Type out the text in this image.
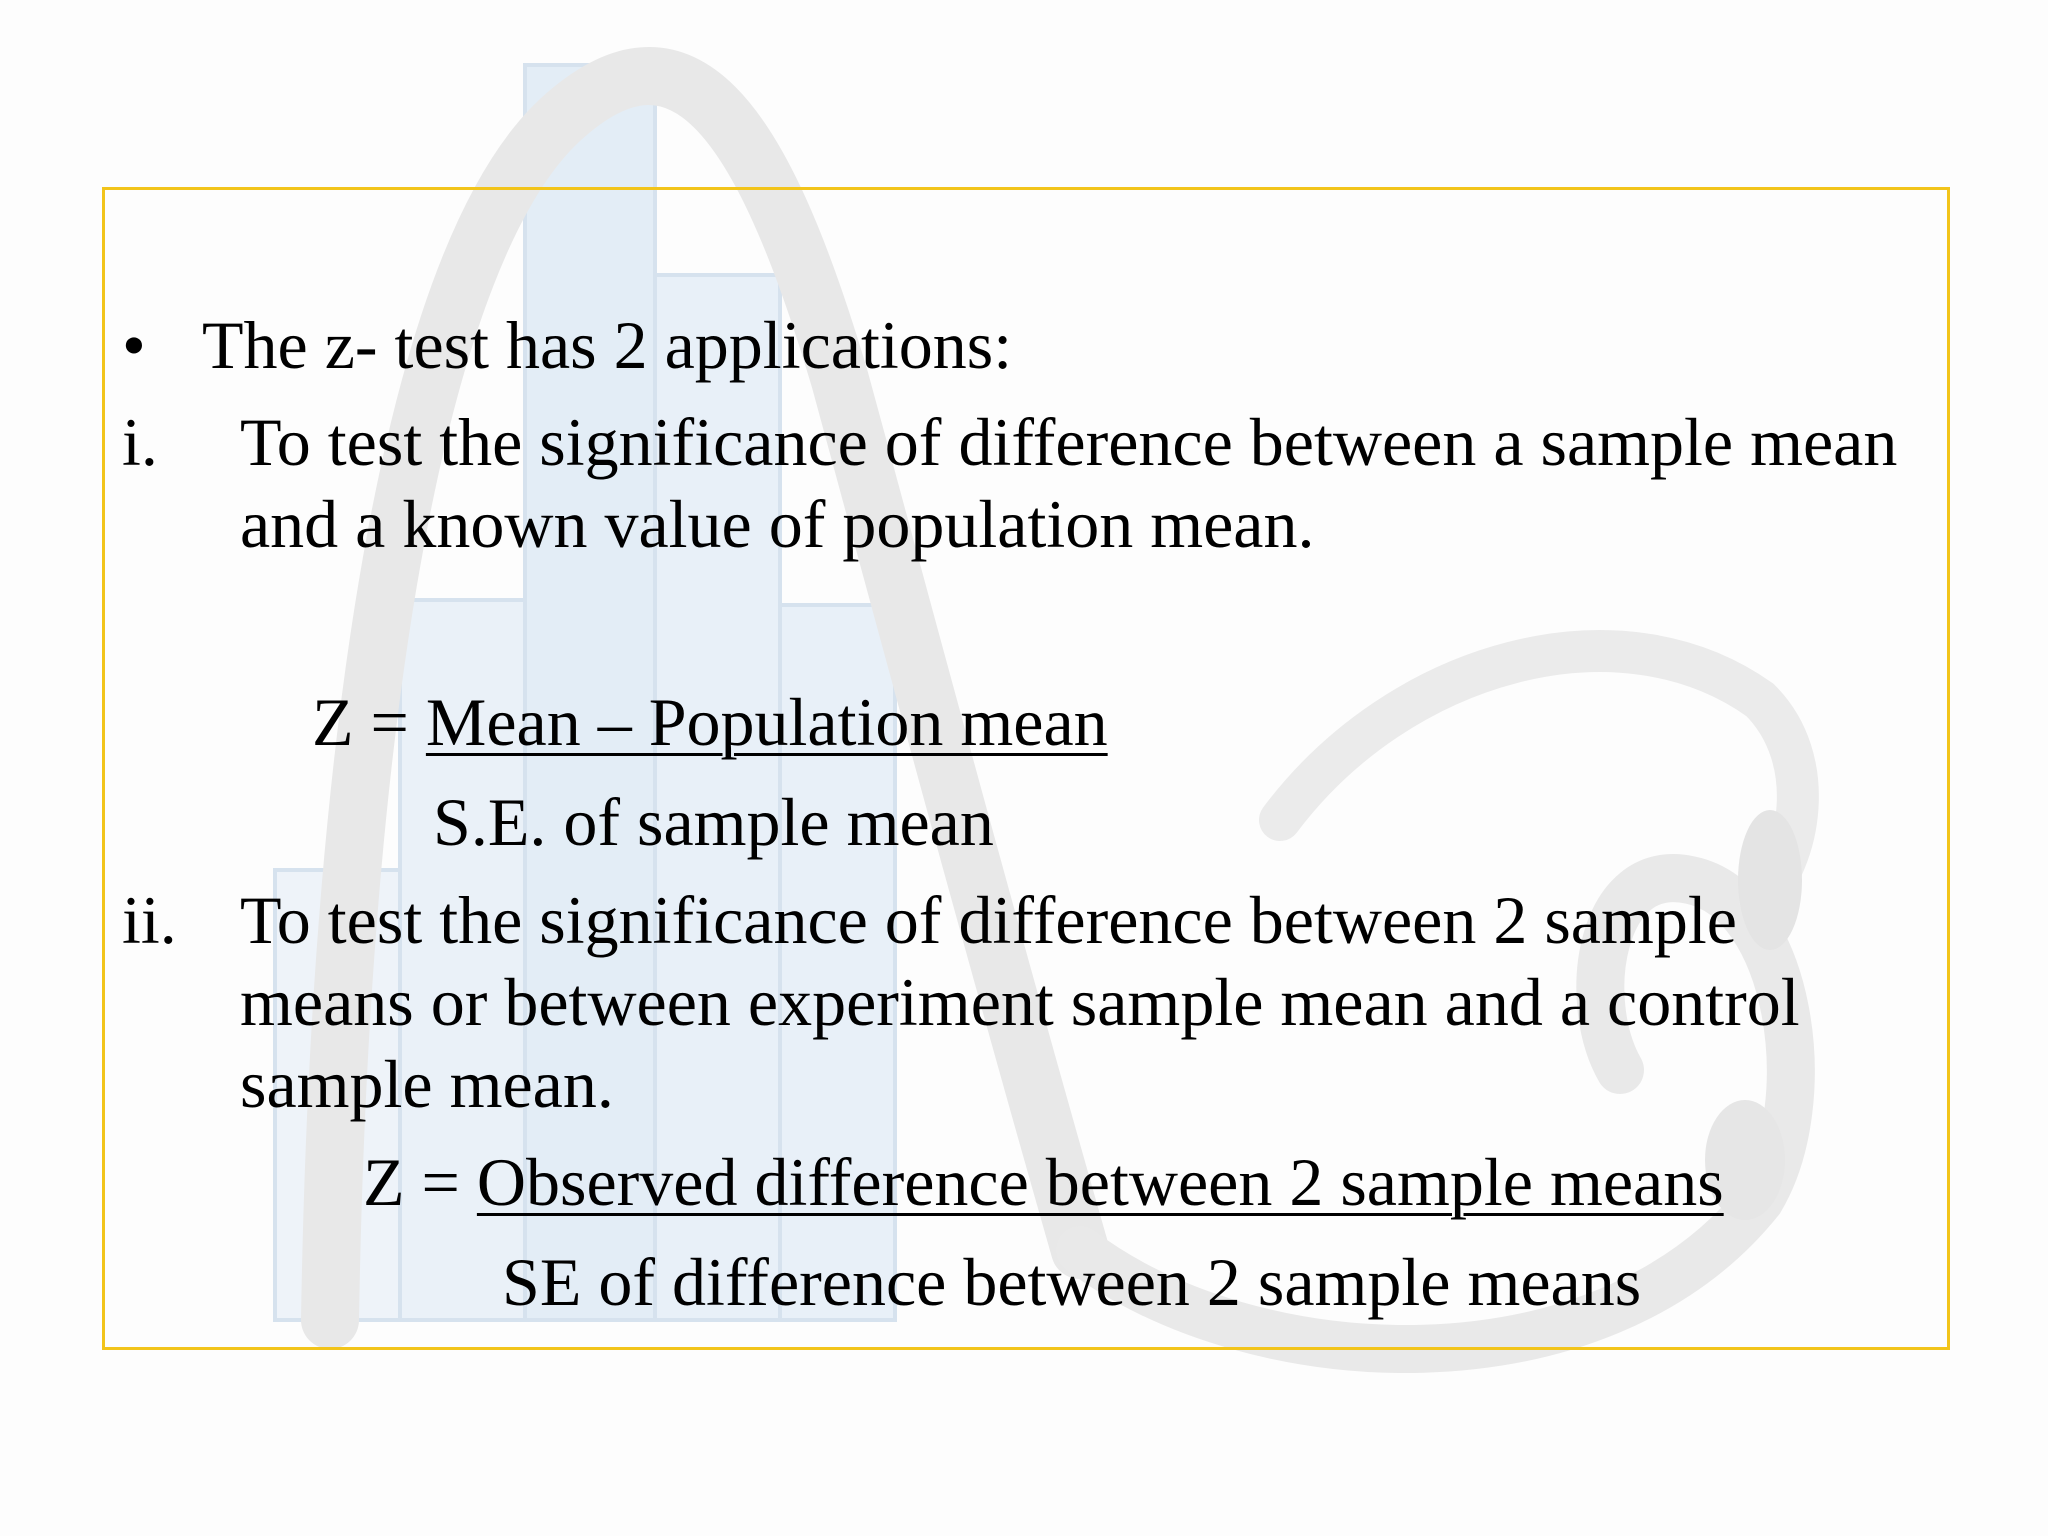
• The z- test has 2 applications:
i. To test the significance of difference between a sample mean
and a known value of population mean.
Z = Mean – Population mean
S.E. of sample mean
ii. To test the significance of difference between 2 sample
means or between experiment sample mean and a control
sample mean.
Z = Observed difference between 2 sample means
SE of difference between 2 sample means
